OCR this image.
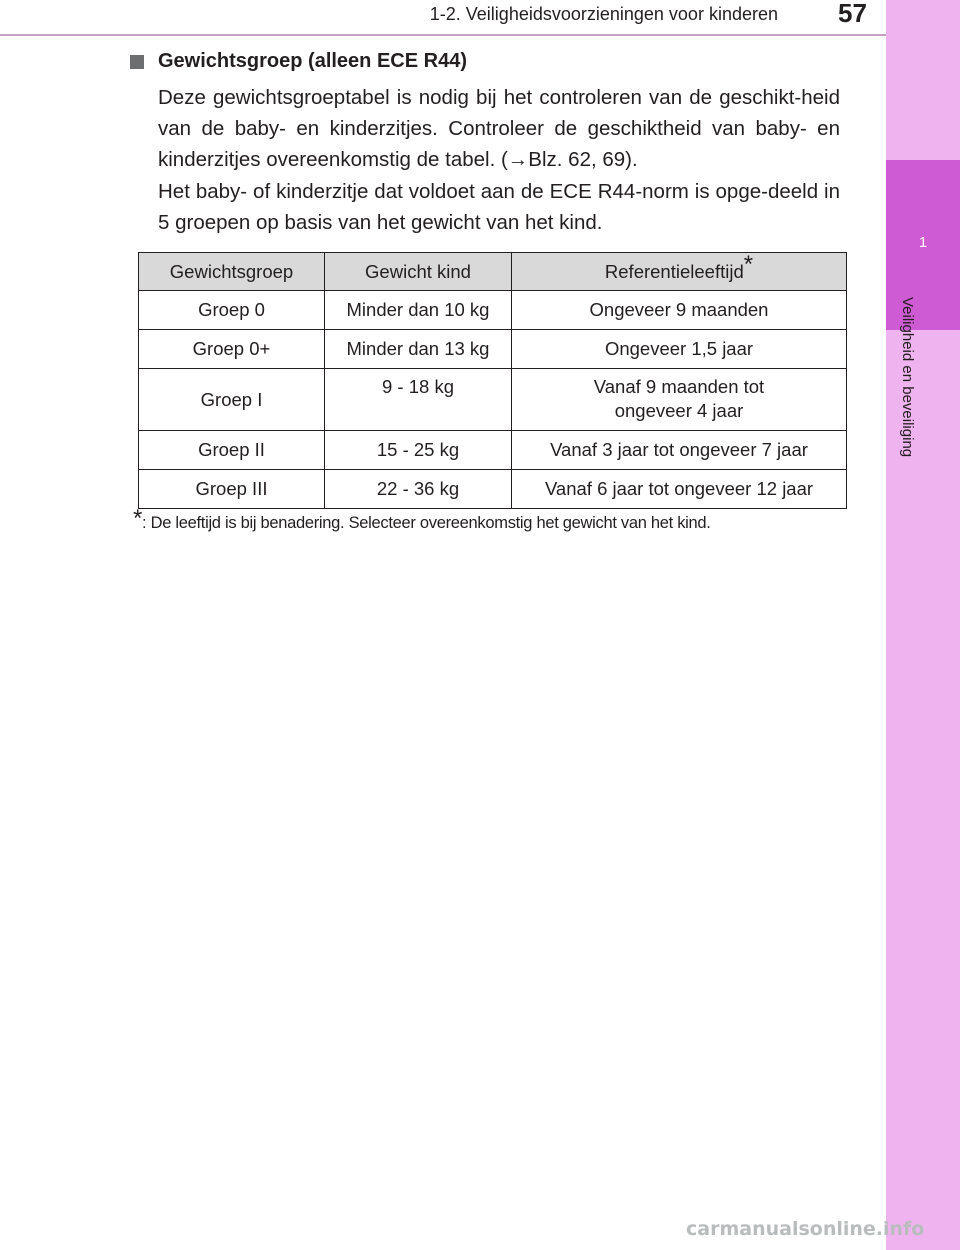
1-2. Veiligheidsvoorzieningen voor kinderen	57
1
Veiligheid en beveiliging
Gewichtsgroep (alleen ECE R44)

Deze gewichtsgroeptabel is nodig bij het controleren van de geschikt-heid van de baby- en kinderzitjes. Controleer de geschiktheid van baby- en kinderzitjes overeenkomstig de tabel. (→Blz. 62, 69).

Het baby- of kinderzitje dat voldoet aan de ECE R44-norm is opge-deeld in 5 groepen op basis van het gewicht van het kind.

Gewichtsgroep	Gewicht kind	Referentieleeftijd*
Groep 0	Minder dan 10 kg	Ongeveer 9 maanden
Groep 0+	Minder dan 13 kg	Ongeveer 1,5 jaar
Groep I	9 - 18 kg	Vanaf 9 maanden tot ongeveer 4 jaar
Groep II	15 - 25 kg	Vanaf 3 jaar tot ongeveer 7 jaar
Groep III	22 - 36 kg	Vanaf 6 jaar tot ongeveer 12 jaar
*: De leeftijd is bij benadering. Selecteer overeenkomstig het gewicht van het kind.
carmanualsonline.info
